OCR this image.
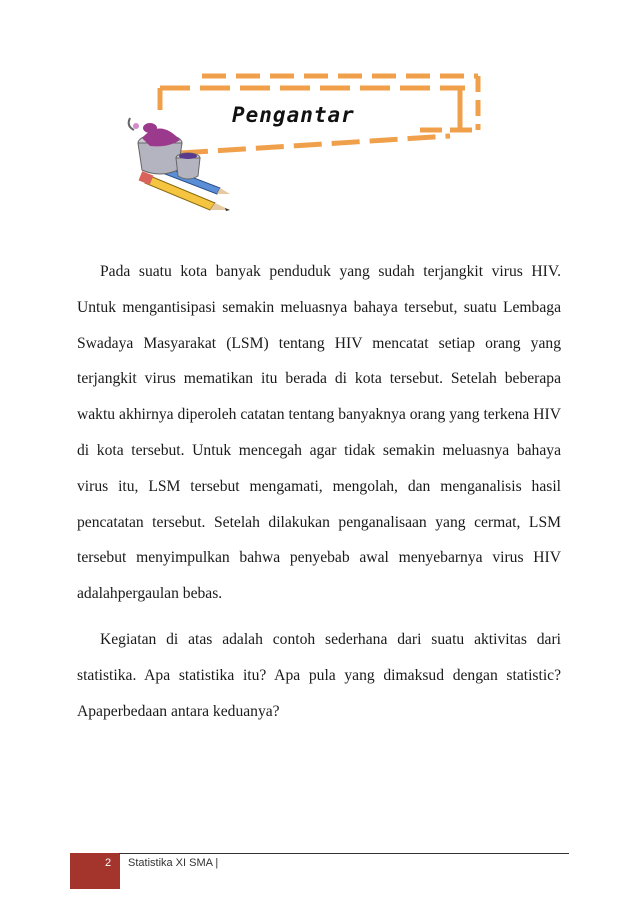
Pengantar

Pada suatu kota banyak penduduk yang sudah terjangkit virus HIV. Untuk mengantisipasi semakin meluasnya bahaya tersebut, suatu Lembaga Swadaya Masyarakat (LSM) tentang HIV mencatat setiap orang yang terjangkit virus mematikan itu berada di kota tersebut. Setelah beberapa waktu akhirnya diperoleh catatan tentang banyaknya orang yang terkena HIV di kota tersebut. Untuk mencegah agar tidak semakin meluasnya bahaya virus itu, LSM tersebut mengamati, mengolah, dan menganalisis hasil pencatatan tersebut. Setelah dilakukan penganalisaan yang cermat, LSM tersebut menyimpulkan bahwa penyebab awal menyebarnya virus HIV adalahpergaulan bebas.

Kegiatan di atas adalah contoh sederhana dari suatu aktivitas dari statistika. Apa statistika itu? Apa pula yang dimaksud dengan statistic? Apaperbedaan antara keduanya?

2 Statistika XI SMA |
